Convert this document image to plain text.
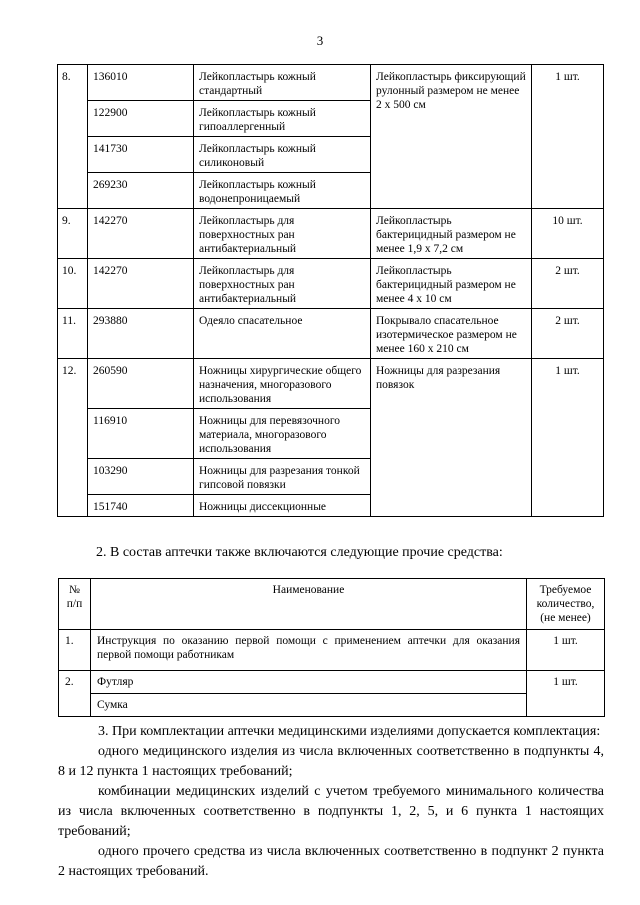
3
8.	136010	Лейкопластырь кожный стандартный	Лейкопластырь фиксирующий рулонный размером не менее 2 х 500 см	1 шт.
	122900	Лейкопластырь кожный гипоаллергенный		
	141730	Лейкопластырь кожный силиконовый		
	269230	Лейкопластырь кожный водонепроницаемый		
9.	142270	Лейкопластырь для поверхностных ран антибактериальный	Лейкопластырь бактерицидный размером не менее 1,9 х 7,2 см	10 шт.
10.	142270	Лейкопластырь для поверхностных ран антибактериальный	Лейкопластырь бактерицидный размером не менее 4 х 10 см	2 шт.
11.	293880	Одеяло спасательное	Покрывало спасательное изотермическое размером не менее 160 х 210 см	2 шт.
12.	260590	Ножницы хирургические общего назначения, многоразового использования	Ножницы для разрезания повязок	1 шт.
	116910	Ножницы для перевязочного материала, многоразового использования		
	103290	Ножницы для разрезания тонкой гипсовой повязки		
	151740	Ножницы диссекционные		
2. В состав аптечки также включаются следующие прочие средства:
№ п/п	Наименование	Требуемое количество, (не менее)
1.	Инструкция по оказанию первой помощи с применением аптечки для оказания первой помощи работникам	1 шт.
2.	Футляр	1 шт.
	Сумка	

3. При комплектации аптечки медицинскими изделиями допускается комплектация:

одного медицинского изделия из числа включенных соответственно в подпункты 4, 8 и 12 пункта 1 настоящих требований;

комбинации медицинских изделий с учетом требуемого минимального количества из числа включенных соответственно в подпункты 1, 2, 5, и 6 пункта 1 настоящих требований;

одного прочего средства из числа включенных соответственно в подпункт 2 пункта 2 настоящих требований.
